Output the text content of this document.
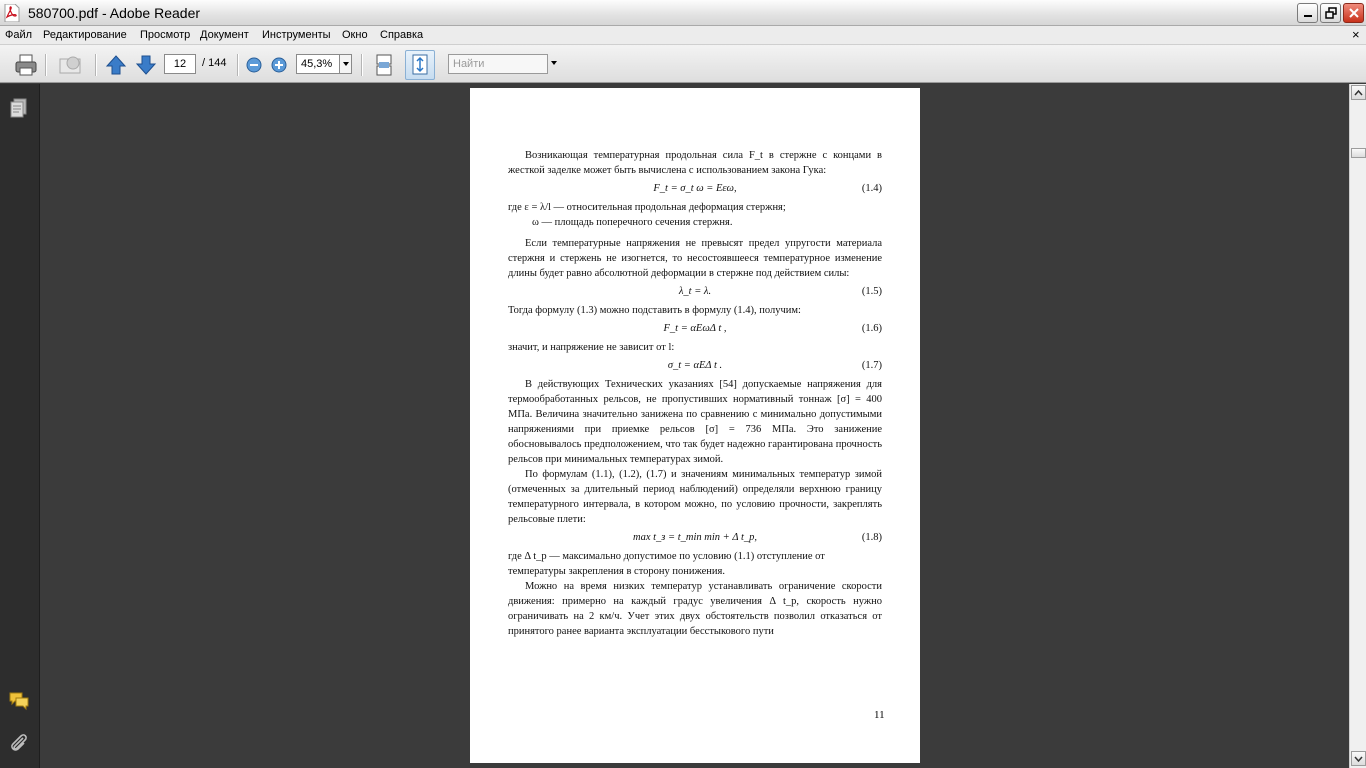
580700.pdf - Adobe Reader
Файл Редактирование Просмотр Документ Инструменты Окно Справка	×
12	/ 144	45,3%	Найти

Возникающая температурная продольная сила F_t в стержне с концами в жесткой заделке может быть вычислена с использованием закона Гука:

F_t = σ_t ω = Eεω,	(1.4)

где ε = λ/l — относительная продольная деформация стержня;

ω — площадь поперечного сечения стержня.

Если температурные напряжения не превысят предел упругости материала стержня и стержень не изогнется, то несостоявшееся температурное изменение длины будет равно абсолютной деформации в стержне под действием силы:

λ_t = λ.	(1.5)

Тогда формулу (1.3) можно подставить в формулу (1.4), получим:

F_t = αEωΔ t ,	(1.6)

значит, и напряжение не зависит от l:

σ_t = αEΔ t .	(1.7)

В действующих Технических указаниях [54] допускаемые напряжения для термообработанных рельсов, не пропустивших нормативный тоннаж [σ] = 400 МПа. Величина значительно занижена по сравнению с минимально допустимыми напряжениями при приемке рельсов [σ] = 736 МПа. Это занижение обосновывалось предположением, что так будет надежно гарантирована прочность рельсов при минимальных температурах зимой.

По формулам (1.1), (1.2), (1.7) и значениям минимальных температур зимой (отмеченных за длительный период наблюдений) определяли верхнюю границу температурного интервала, в котором можно, по условию прочности, закреплять рельсовые плети:

max t_з = t_min min + Δ t_p,	(1.8)

где Δ t_p — максимально допустимое по условию (1.1) отступление от температуры закрепления в сторону понижения.

Можно на время низких температур устанавливать ограничение скорости движения: примерно на каждый градус увеличения Δ t_p, скорость нужно ограничивать на 2 км/ч. Учет этих двух обстоятельств позволил отказаться от принятого ранее варианта эксплуатации бесстыкового пути

11
